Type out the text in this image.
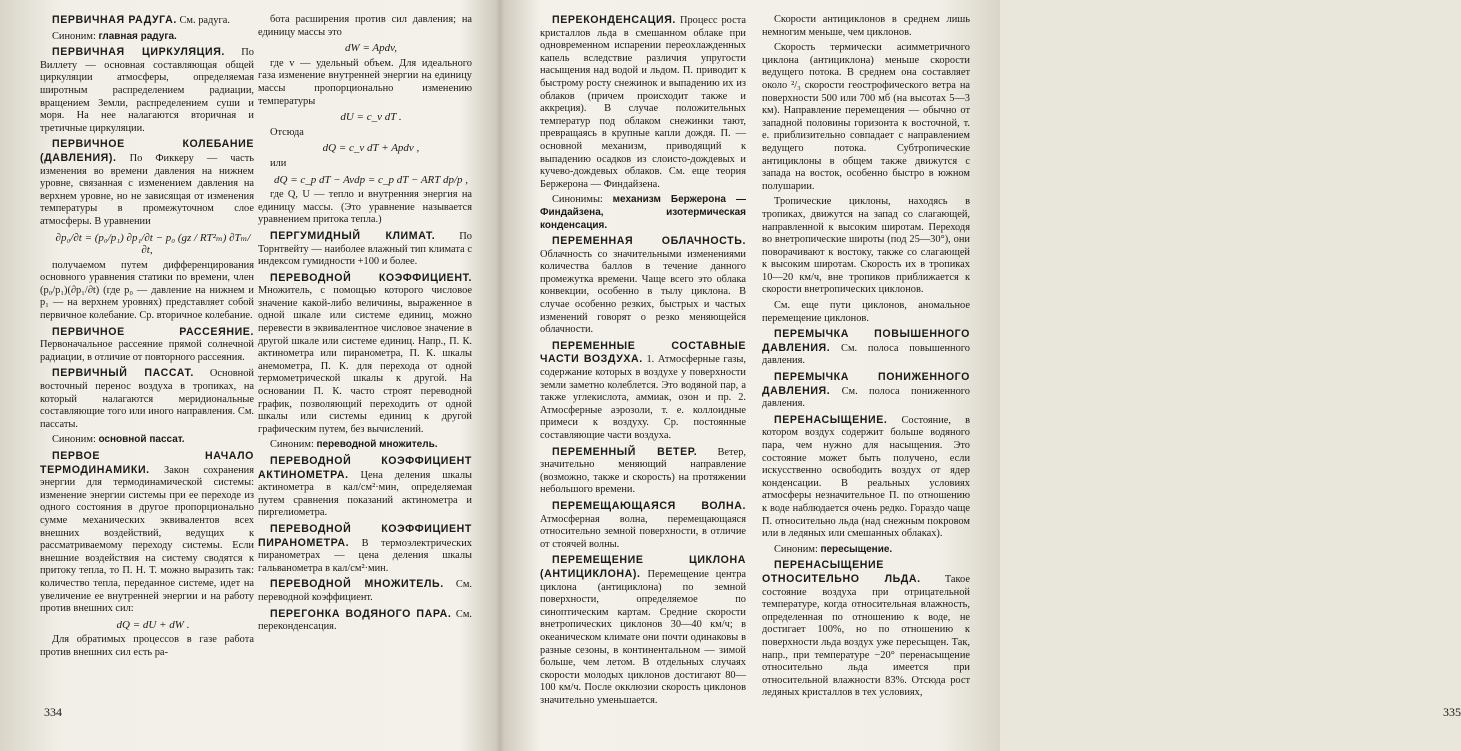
ПЕРВИЧНАЯ РАДУГА. См. радуга.

Синоним: главная радуга.

ПЕРВИЧНАЯ ЦИРКУЛЯЦИЯ. По Виллету — основная составляющая общей циркуляции атмосферы, определяемая широтным распределением радиации, вращением Земли, распределением суши и моря. На нее налагаются вторичная и третичные циркуляции.

ПЕРВИЧНОЕ КОЛЕБАНИЕ (ДАВЛЕНИЯ). По Фиккеру — часть изменения во времени давления на нижнем уровне, связанная с изменением давления на верхнем уровне, но не зависящая от изменения температуры в промежуточном слое атмосферы. В уравнении

∂p₀/∂t = (p₀/p₁) ∂p₁/∂t − p₀ (gz / RT²ₘ) ∂Tₘ/∂t,

получаемом путем дифференцирования основного уравнения статики по времени, член (p₀/p₁)(∂p₁/∂t) (где p₀ — давление на нижнем и p₁ — на верхнем уровнях) представляет собой первичное колебание. Ср. вторичное колебание.

ПЕРВИЧНОЕ РАССЕЯНИЕ. Первоначальное рассеяние прямой солнечной радиации, в отличие от повторного рассеяния.

ПЕРВИЧНЫЙ ПАССАТ. Основной восточный перенос воздуха в тропиках, на который налагаются меридиональные составляющие того или иного направления. См. пассаты.

Синоним: основной пассат.

ПЕРВОЕ НАЧАЛО ТЕРМОДИНАМИКИ. Закон сохранения энергии для термодинамической системы: изменение энергии системы при ее переходе из одного состояния в другое пропорционально сумме механических эквивалентов всех внешних воздействий, ведущих к рассматриваемому переходу системы. Если внешние воздействия на систему сводятся к притоку тепла, то П. Н. Т. можно выразить так: количество тепла, переданное системе, идет на увеличение ее внутренней энергии и на работу против внешних сил:

dQ = dU + dW .

Для обратимых процессов в газе работа против внешних сил есть ра-

бота расширения против сил давления; на единицу массы это

dW = Apdv,

где v — удельный объем. Для идеального газа изменение внутренней энергии на единицу массы пропорционально изменению температуры

dU = c_v dT .

Отсюда

dQ = c_v dT + Apdv ,

или

dQ = c_p dT − Avdp = c_p dT − ART dp/p ,

где Q, U — тепло и внутренняя энергия на единицу массы. (Это уравнение называется уравнением притока тепла.)

ПЕРГУМИДНЫЙ КЛИМАТ. По Торнтвейту — наиболее влажный тип климата с индексом гумидности +100 и более.

ПЕРЕВОДНОЙ КОЭФФИЦИЕНТ. Множитель, с помощью которого числовое значение какой-либо величины, выраженное в одной шкале или системе единиц, можно перевести в эквивалентное числовое значение в другой шкале или системе единиц. Напр., П. К. актинометра или пиранометра, П. К. шкалы анемометра, П. К. для перехода от одной термометрической шкалы к другой. На основании П. К. часто строят переводной график, позволяющий переходить от одной шкалы или системы единиц к другой графическим путем, без вычислений.

Синоним: переводной множитель.

ПЕРЕВОДНОЙ КОЭФФИЦИЕНТ АКТИНОМЕТРА. Цена деления шкалы актинометра в кал/см²·мин, определяемая путем сравнения показаний актинометра и пиргелиометра.

ПЕРЕВОДНОЙ КОЭФФИЦИЕНТ ПИРАНОМЕТРА. В термоэлектрических пиранометрах — цена деления шкалы гальванометра в кал/см²·мин.

ПЕРЕВОДНОЙ МНОЖИТЕЛЬ. См. переводной коэффициент.

ПЕРЕГОНКА ВОДЯНОГО ПАРА. См. переконденсация.

334

ПЕРЕКОНДЕНСАЦИЯ. Процесс роста кристаллов льда в смешанном облаке при одновременном испарении переохлажденных капель вследствие различия упругости насыщения над водой и льдом. П. приводит к быстрому росту снежинок и выпадению их из облаков (причем происходит также и аккреция). В случае положительных температур под облаком снежинки тают, превращаясь в крупные капли дождя. П. — основной механизм, приводящий к выпадению осадков из слоисто-дождевых и кучево-дождевых облаков. См. еще теория Бержерона — Финдайзена.

Синонимы: механизм Бержерона — Финдайзена, изотермическая конденсация.

ПЕРЕМЕННАЯ ОБЛАЧНОСТЬ. Облачность со значительными изменениями количества баллов в течение данного промежутка времени. Чаще всего это облака конвекции, особенно в тылу циклона. В случае особенно резких, быстрых и частых изменений говорят о резко меняющейся облачности.

ПЕРЕМЕННЫЕ СОСТАВНЫЕ ЧАСТИ ВОЗДУХА. 1. Атмосферные газы, содержание которых в воздухе у поверхности земли заметно колеблется. Это водяной пар, а также углекислота, аммиак, озон и пр. 2. Атмосферные аэрозоли, т. е. коллоидные примеси к воздуху. Ср. постоянные составляющие части воздуха.

ПЕРЕМЕННЫЙ ВЕТЕР. Ветер, значительно меняющий направление (возможно, также и скорость) на протяжении небольшого времени.

ПЕРЕМЕЩАЮЩАЯСЯ ВОЛНА. Атмосферная волна, перемещающаяся относительно земной поверхности, в отличие от стоячей волны.

ПЕРЕМЕЩЕНИЕ ЦИКЛОНА (АНТИЦИКЛОНА). Перемещение центра циклона (антициклона) по земной поверхности, определяемое по синоптическим картам. Средние скорости внетропических циклонов 30—40 км/ч; в океаническом климате они почти одинаковы в разные сезоны, в континентальном — зимой больше, чем летом. В отдельных случаях скорости молодых циклонов достигают 80—100 км/ч. После окклюзии скорость циклонов значительно уменьшается.

Скорости антициклонов в среднем лишь немногим меньше, чем циклонов.

Скорость термически асимметричного циклона (антициклона) меньше скорости ведущего потока. В среднем она составляет около ²/₃ скорости геострофического ветра на поверхности 500 или 700 мб (на высотах 5—3 км). Направление перемещения — обычно от западной половины горизонта к восточной, т. е. приблизительно совпадает с направлением ведущего потока. Субтропические антициклоны в общем также движутся с запада на восток, особенно быстро в южном полушарии.

Тропические циклоны, находясь в тропиках, движутся на запад со слагающей, направленной к высоким широтам. Переходя во внетропические широты (под 25—30°), они поворачивают к востоку, также со слагающей к высоким широтам. Скорость их в тропиках 10—20 км/ч, вне тропиков приближается к скорости внетропических циклонов.

См. еще пути циклонов, аномальное перемещение циклонов.

ПЕРЕМЫЧКА ПОВЫШЕННОГО ДАВЛЕНИЯ. См. полоса повышенного давления.

ПЕРЕМЫЧКА ПОНИЖЕННОГО ДАВЛЕНИЯ. См. полоса пониженного давления.

ПЕРЕНАСЫЩЕНИЕ. Состояние, в котором воздух содержит больше водяного пара, чем нужно для насыщения. Это состояние может быть получено, если искусственно освободить воздух от ядер конденсации. В реальных условиях атмосферы незначительное П. по отношению к воде наблюдается очень редко. Гораздо чаще П. относительно льда (над снежным покровом или в ледяных или смешанных облаках).

Синоним: пересыщение.

ПЕРЕНАСЫЩЕНИЕ ОТНОСИТЕЛЬНО ЛЬДА. Такое состояние воздуха при отрицательной температуре, когда относительная влажность, определенная по отношению к воде, не достигает 100%, но по отношению к поверхности льда воздух уже пересыщен. Так, напр., при температуре −20° перенасыщение относительно льда имеется при относительной влажности 83%. Отсюда рост ледяных кристаллов в тех условиях,

335
